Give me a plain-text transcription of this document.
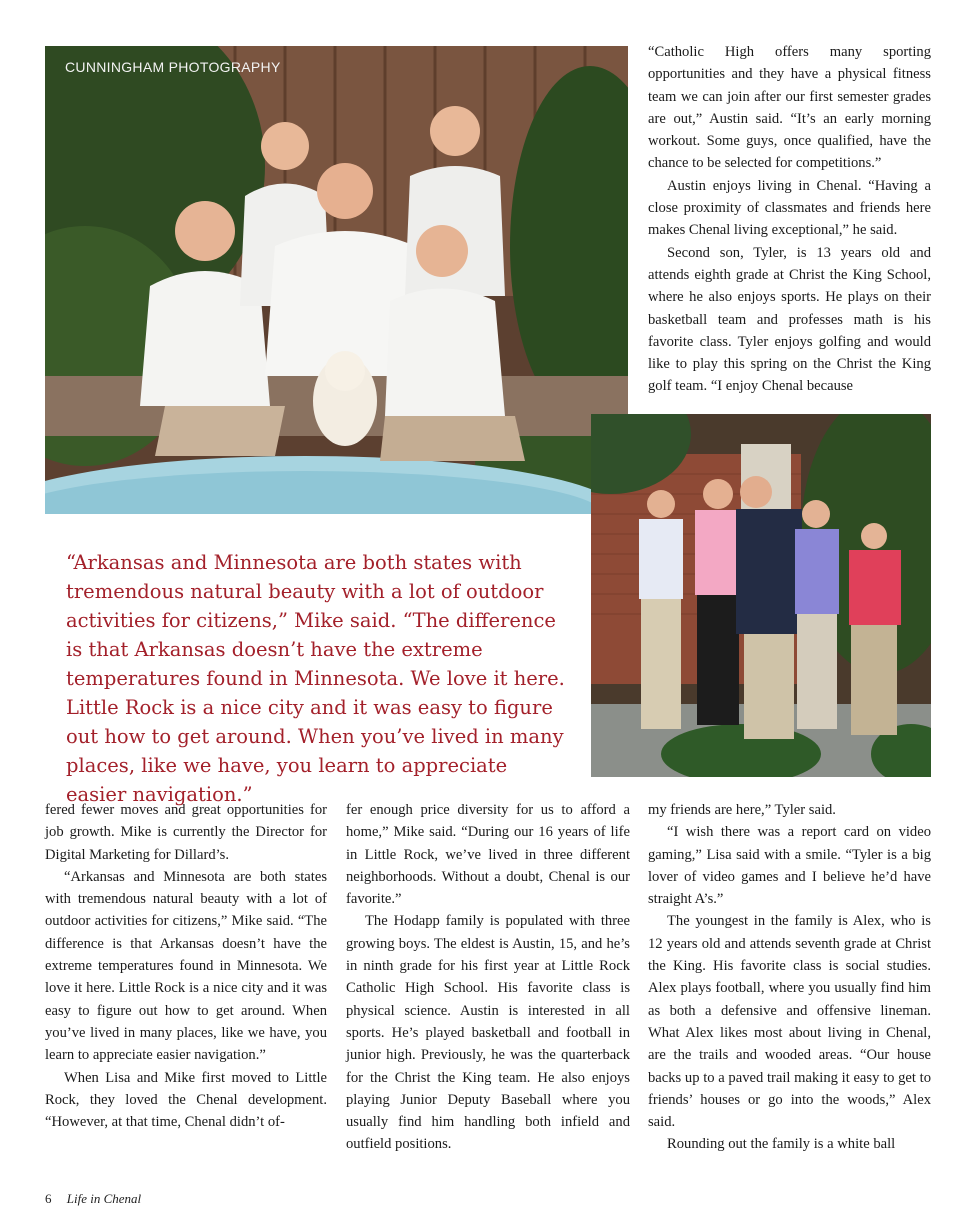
CUNNINGHAM PHOTOGRAPHY

“Catholic High offers many sporting opportunities and they have a physical fitness team we can join after our first semester grades are out,” Austin said. “It’s an early morning workout. Some guys, once qualified, have the chance to be selected for competitions.”

Austin enjoys living in Chenal. “Having a close proximity of classmates and friends here makes Chenal living exceptional,” he said.

Second son, Tyler, is 13 years old and attends eighth grade at Christ the King School, where he also enjoys sports. He plays on their basketball team and professes math is his favorite class. Tyler enjoys golfing and would like to play this spring on the Christ the King golf team. “I enjoy Chenal because

“Arkansas and Minnesota are both states with tremendous natural beauty with a lot of outdoor activities for citizens,” Mike said. “The difference is that Arkansas doesn’t have the extreme temperatures found in Minnesota. We love it here. Little Rock is a nice city and it was easy to figure out how to get around. When you’ve lived in many places, like we have, you learn to appreciate easier navigation.”

fered fewer moves and great opportunities for job growth. Mike is currently the Director for Digital Marketing for Dillard’s.

“Arkansas and Minnesota are both states with tremendous natural beauty with a lot of outdoor activities for citizens,” Mike said. “The difference is that Arkansas doesn’t have the extreme temperatures found in Minnesota. We love it here. Little Rock is a nice city and it was easy to figure out how to get around. When you’ve lived in many places, like we have, you learn to appreciate easier navigation.”

When Lisa and Mike first moved to Little Rock, they loved the Chenal development. “However, at that time, Chenal didn’t of-

fer enough price diversity for us to afford a home,” Mike said. “During our 16 years of life in Little Rock, we’ve lived in three different neighborhoods. Without a doubt, Chenal is our favorite.”

The Hodapp family is populated with three growing boys. The eldest is Austin, 15, and he’s in ninth grade for his first year at Little Rock Catholic High School. His favorite class is physical science. Austin is interested in all sports. He’s played basketball and football in junior high. Previously, he was the quarterback for the Christ the King team. He also enjoys playing Junior Deputy Baseball where you usually find him handling both infield and outfield positions.

my friends are here,” Tyler said.

“I wish there was a report card on video gaming,” Lisa said with a smile. “Tyler is a big lover of video games and I believe he’d have straight A’s.”

The youngest in the family is Alex, who is 12 years old and attends seventh grade at Christ the King. His favorite class is social studies. Alex plays football, where you usually find him as both a defensive and offensive lineman. What Alex likes most about living in Chenal, are the trails and wooded areas. “Our house backs up to a paved trail making it easy to get to friends’ houses or go into the woods,” Alex said.

Rounding out the family is a white ball

6 Life in Chenal
